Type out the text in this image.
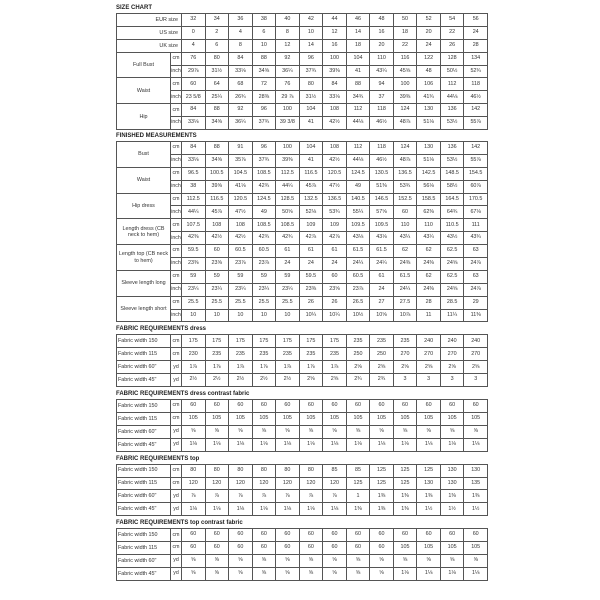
SIZE CHART
EUR size		32	34	36	38	40	42	44	46	48	50	52	54	56
US size		0	2	4	6	8	10	12	14	16	18	20	22	24
UK size		4	6	8	10	12	14	16	18	20	22	24	26	28
Full Bust	cm	76	80	84	88	92	96	100	104	110	116	122	128	134
	inch	29⅞	31½	33⅛	34⅝	36¼	37¾	39⅜	41	43¼	45⅝	48	50½	52¾
Waist	cm	60	64	68	72	76	80	84	88	94	100	106	112	118
	inch	23 5/8	25¼	26¾	28⅜	29 ⅞	31½	33⅛	34¾	37	39⅜	41¾	44⅛	46½
Hip	cm	84	88	92	96	100	104	108	112	118	124	130	136	142
	inch	33⅛	34⅝	36¼	37¾	39 3/8	41	42½	44⅛	46½	48⅞	51⅛	53½	55⅞
FINISHED MEASUREMENTS
Bust	cm	84	88	91	96	100	104	108	112	118	124	130	136	142
	inch	33⅛	34⅝	35⅞	37¾	39⅜	41	42½	44⅛	46½	48⅞	51⅛	53½	55⅞
Waist	cm	96.5	100.5	104.5	108.5	112.5	116.5	120.5	124.5	130.5	136.5	142.5	148.5	154.5
	inch	38	39⅝	41⅛	42¾	44¼	45⅞	47½	49	51⅜	53¾	56⅛	58½	60⅞
Hip dress	cm	112.5	116.5	120.5	124.5	128.5	132.5	136.5	140.5	146.5	152.5	158.5	164.5	170.5
	inch	44¼	45⅞	47½	49	50⅝	52⅛	53¾	55¼	57⅝	60	62⅜	64¾	67⅛
Length dress (CB neck to hem)	cm	107.5	108	108	108.5	108.5	109	109	109.5	109.5	110	110	110.5	111
	inch	42⅜	42½	42½	42¾	42¾	42⅞	42⅞	43⅛	43⅛	43¼	43¼	43½	43¾
Length top (CB neck to hem)	cm	59.5	60	60.5	60.5	61	61	61	61.5	61.5	62	62	62.5	63
	inch	23⅜	23⅝	23⅞	23⅞	24	24	24	24¼	24¼	24⅜	24⅜	24⅝	24⅞
Sleeve length long	cm	59	59	59	59	59	59.5	60	60.5	61	61.5	62	62.5	63
	inch	23¼	23¼	23¼	23¼	23¼	23⅜	23⅝	23⅞	24	24¼	24⅜	24⅝	24⅞
Sleeve length short	cm	25.5	25.5	25.5	25.5	25.5	26	26	26.5	27	27.5	28	28.5	29
	inch	10	10	10	10	10	10¼	10¼	10½	10⅝	10⅞	11	11¼	11⅜
FABRIC REQUIREMENTS dress
Fabric width 150	cm	175	175	175	175	175	175	175	235	235	235	240	240	240
Fabric width 115	cm	230	235	235	235	235	235	235	250	250	270	270	270	270
Fabric width 60"	yd	1⅞	1⅞	1⅞	1⅞	1⅞	1⅞	1⅞	2⅝	2⅝	2⅝	2⅝	2⅝	2⅝
Fabric width 45"	yd	2½	2½	2½	2½	2½	2⅝	2⅝	2¾	2¾	3	3	3	3
FABRIC REQUIREMENTS dress contrast fabric
Fabric width 150	cm	60	60	60	60	60	60	60	60	60	60	60	60	60
Fabric width 115	cm	105	105	105	105	105	105	105	105	105	105	105	105	105
Fabric width 60"	yd	⅝	⅝	⅝	⅝	⅝	⅝	⅝	⅝	⅝	⅝	⅝	⅝	⅝
Fabric width 45"	yd	1⅛	1⅛	1⅛	1⅛	1⅛	1⅛	1⅛	1⅛	1⅛	1⅛	1⅛	1⅛	1⅛
FABRIC REQUIREMENTS top
Fabric width 150	cm	80	80	80	80	80	80	85	85	125	125	125	130	130
Fabric width 115	cm	120	120	120	120	120	120	120	125	125	125	130	130	135
Fabric width 60"	yd	⅞	⅞	⅞	⅞	⅞	⅞	⅞	1	1⅜	1⅜	1⅜	1⅜	1⅜
Fabric width 45"	yd	1⅛	1⅛	1⅛	1⅛	1⅛	1⅛	1⅛	1⅜	1⅜	1⅜	1½	1½	1½
FABRIC REQUIREMENTS top contrast fabric
Fabric width 150	cm	60	60	60	60	60	60	60	60	60	60	60	60	60
Fabric width 115	cm	60	60	60	60	60	60	60	60	60	105	105	105	105
Fabric width 60"	yd	⅝	⅝	⅝	⅝	⅝	⅝	⅝	⅝	⅝	⅝	⅝	⅝	⅝
Fabric width 45"	yd	⅝	⅝	⅝	⅝	⅝	⅝	⅝	⅝	⅝	1⅛	1⅛	1⅛	1⅛
